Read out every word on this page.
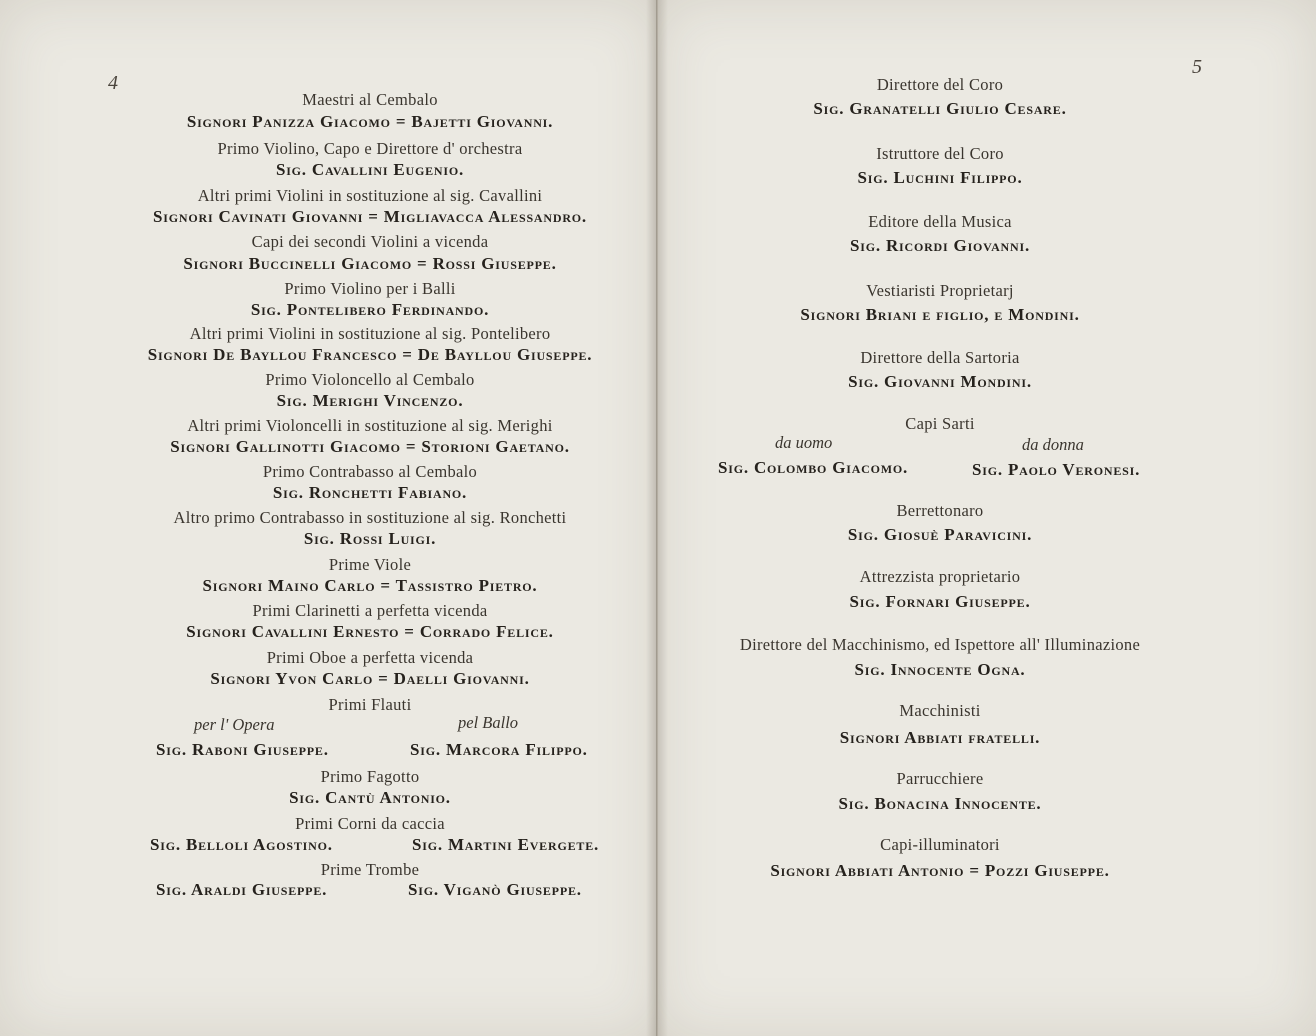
4
5
Maestri al Cembalo
Signori Panizza Giacomo = Bajetti Giovanni.
Primo Violino, Capo e Direttore d' orchestra
Sig. Cavallini Eugenio.
Altri primi Violini in sostituzione al sig. Cavallini
Signori Cavinati Giovanni = Migliavacca Alessandro.
Capi dei secondi Violini a vicenda
Signori Buccinelli Giacomo = Rossi Giuseppe.
Primo Violino per i Balli
Sig. Pontelibero Ferdinando.
Altri primi Violini in sostituzione al sig. Pontelibero
Signori De Bayllou Francesco = De Bayllou Giuseppe.
Primo Violoncello al Cembalo
Sig. Merighi Vincenzo.
Altri primi Violoncelli in sostituzione al sig. Merighi
Signori Gallinotti Giacomo = Storioni Gaetano.
Primo Contrabasso al Cembalo
Sig. Ronchetti Fabiano.
Altro primo Contrabasso in sostituzione al sig. Ronchetti
Sig. Rossi Luigi.
Prime Viole
Signori Maino Carlo = Tassistro Pietro.
Primi Clarinetti a perfetta vicenda
Signori Cavallini Ernesto = Corrado Felice.
Primi Oboe a perfetta vicenda
Signori Yvon Carlo = Daelli Giovanni.
Primi Flauti
per l' Opera	pel Ballo
Sig. Raboni Giuseppe.	Sig. Marcora Filippo.
Primo Fagotto
Sig. Cantù Antonio.
Primi Corni da caccia
Sig. Belloli Agostino.	Sig. Martini Evergete.
Prime Trombe
Sig. Araldi Giuseppe.	Sig. Viganò Giuseppe.
Direttore del Coro
Sig. Granatelli Giulio Cesare.
Istruttore del Coro
Sig. Luchini Filippo.
Editore della Musica
Sig. Ricordi Giovanni.
Vestiaristi Proprietarj
Signori Briani e figlio, e Mondini.
Direttore della Sartoria
Sig. Giovanni Mondini.
Capi Sarti
da uomo	da donna
Sig. Colombo Giacomo.	Sig. Paolo Veronesi.
Berrettonaro
Sig. Giosuè Paravicini.
Attrezzista proprietario
Sig. Fornari Giuseppe.
Direttore del Macchinismo, ed Ispettore all' Illuminazione
Sig. Innocente Ogna.
Macchinisti
Signori Abbiati fratelli.
Parrucchiere
Sig. Bonacina Innocente.
Capi-illuminatori
Signori Abbiati Antonio = Pozzi Giuseppe.
